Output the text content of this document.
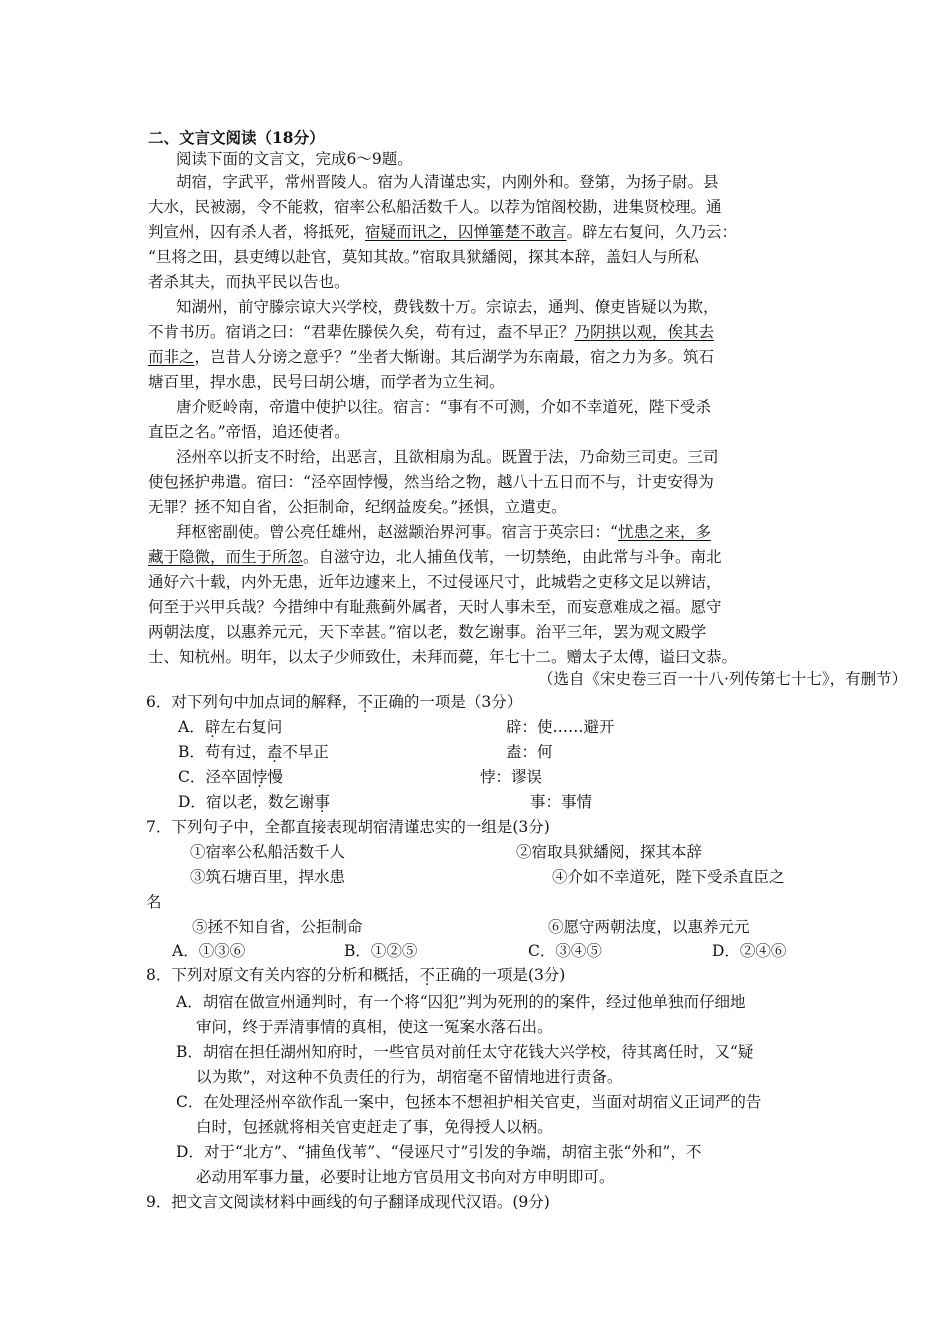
二、文言文阅读（18分）
阅读下面的文言文，完成6～9题。
胡宿，字武平，常州晋陵人。宿为人清谨忠实，内刚外和。登第，为扬子尉。县
大水，民被溺，令不能救，宿率公私船活数千人。以荐为馆阁校勘，进集贤校理。通
判宣州，囚有杀人者，将抵死，宿疑而讯之，囚惮箠楚不敢言。辟左右复问，久乃云：
“旦将之田，县吏缚以赴官，莫知其故。”宿取具狱繙阅，探其本辞，盖妇人与所私
者杀其夫，而执平民以告也。
知湖州，前守滕宗谅大兴学校，费钱数十万。宗谅去，通判、僚吏皆疑以为欺，
不肯书历。宿诮之曰：“君辈佐滕侯久矣，苟有过，盍不早正？乃阴拱以观，俟其去
而非之，岂昔人分谤之意乎？”坐者大惭谢。其后湖学为东南最，宿之力为多。筑石
塘百里，捍水患，民号曰胡公塘，而学者为立生祠。
唐介贬岭南，帝遣中使护以往。宿言：“事有不可测，介如不幸道死，陛下受杀
直臣之名。”帝悟，追还使者。
泾州卒以折支不时给，出恶言，且欲相扇为乱。既置于法，乃命劾三司吏。三司
使包拯护弗遣。宿曰：“泾卒固悖慢，然当给之物，越八十五日而不与，计吏安得为
无罪？拯不知自省，公拒制命，纪纲益废矣。”拯惧，立遣吏。
拜枢密副使。曾公亮任雄州，赵滋颛治界河事。宿言于英宗曰：“忧患之来，多
藏于隐微，而生于所忽。自滋守边，北人捕鱼伐苇，一切禁绝，由此常与斗争。南北
通好六十载，内外无患，近年边遽来上，不过侵诬尺寸，此城砦之吏移文足以辨诘，
何至于兴甲兵哉？今措绅中有耻燕蓟外属者，天时人事未至，而妄意难成之福。愿守
两朝法度，以惠养元元，天下幸甚。”宿以老，数乞谢事。治平三年，罢为观文殿学
士、知杭州。明年，以太子少师致仕，未拜而薨，年七十二。赠太子太傅，谥曰文恭。
（选自《宋史卷三百一十八·列传第七十七》，有删节）
6．对下列句中加点词的解释，不正确的一项是（3分）
A．辟左右复问	辟：使……避开
B．苟有过，盍不早正	盍：何
C．泾卒固悖慢	悖：谬误
D．宿以老，数乞谢事	事：事情
7．下列句子中，全都直接表现胡宿清谨忠实的一组是(3分)
①宿率公私船活数千人	②宿取具狱繙阅，探其本辞
③筑石塘百里，捍水患	④介如不幸道死，陛下受杀直臣之
名
⑤拯不知自省，公拒制命	⑥愿守两朝法度，以惠养元元
A．①③⑥	B．①②⑤	C．③④⑤	D．②④⑥
8．下列对原文有关内容的分析和概括，不正确的一项是(3分)
A．胡宿在做宣州通判时，有一个将“囚犯”判为死刑的的案件，经过他单独而仔细地
审问，终于弄清事情的真相，使这一冤案水落石出。
B．胡宿在担任湖州知府时，一些官员对前任太守花钱大兴学校，待其离任时，又“疑
以为欺”，对这种不负责任的行为，胡宿毫不留情地进行责备。
C．在处理泾州卒欲作乱一案中，包拯本不想袒护相关官吏，当面对胡宿义正词严的告
白时，包拯就将相关官吏赶走了事，免得授人以柄。
D．对于“北方”、“捕鱼伐苇”、“侵诬尺寸”引发的争端，胡宿主张“外和”，不
必动用军事力量，必要时让地方官员用文书向对方申明即可。
9．把文言文阅读材料中画线的句子翻译成现代汉语。(9分)
